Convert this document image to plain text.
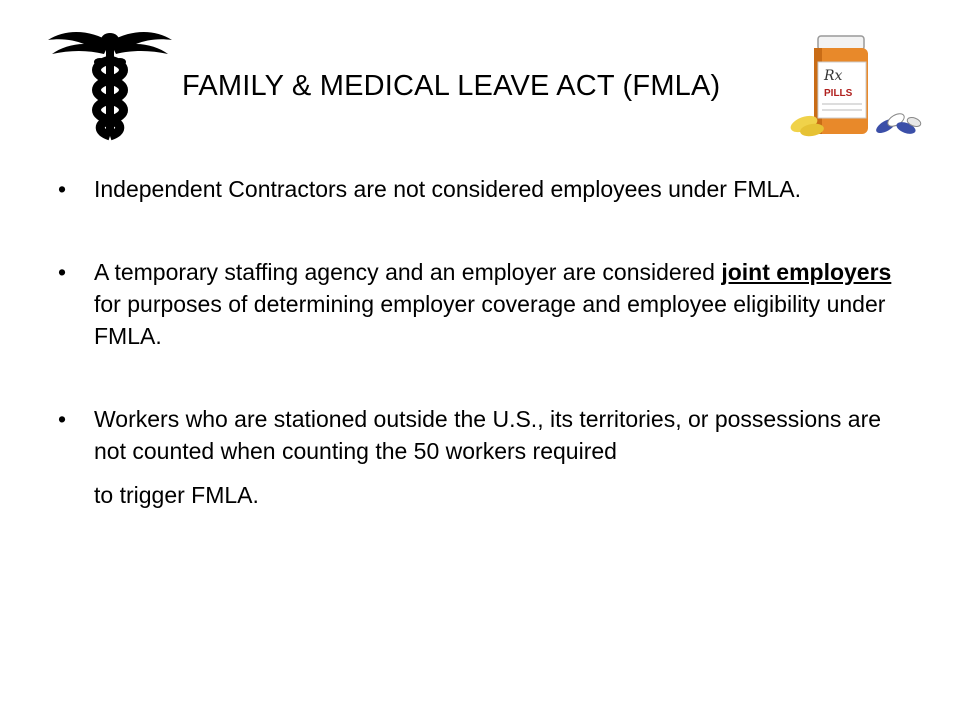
FAMILY & MEDICAL LEAVE ACT (FMLA)	Rx
PILLS
•	Independent Contractors are not considered employees under FMLA.
•	A temporary staffing agency and an employer are considered joint employers for purposes of determining employer coverage and employee eligibility under FMLA.
•	Workers who are stationed outside the U.S., its territories, or possessions are not counted when counting the 50 workers required
to trigger FMLA.
